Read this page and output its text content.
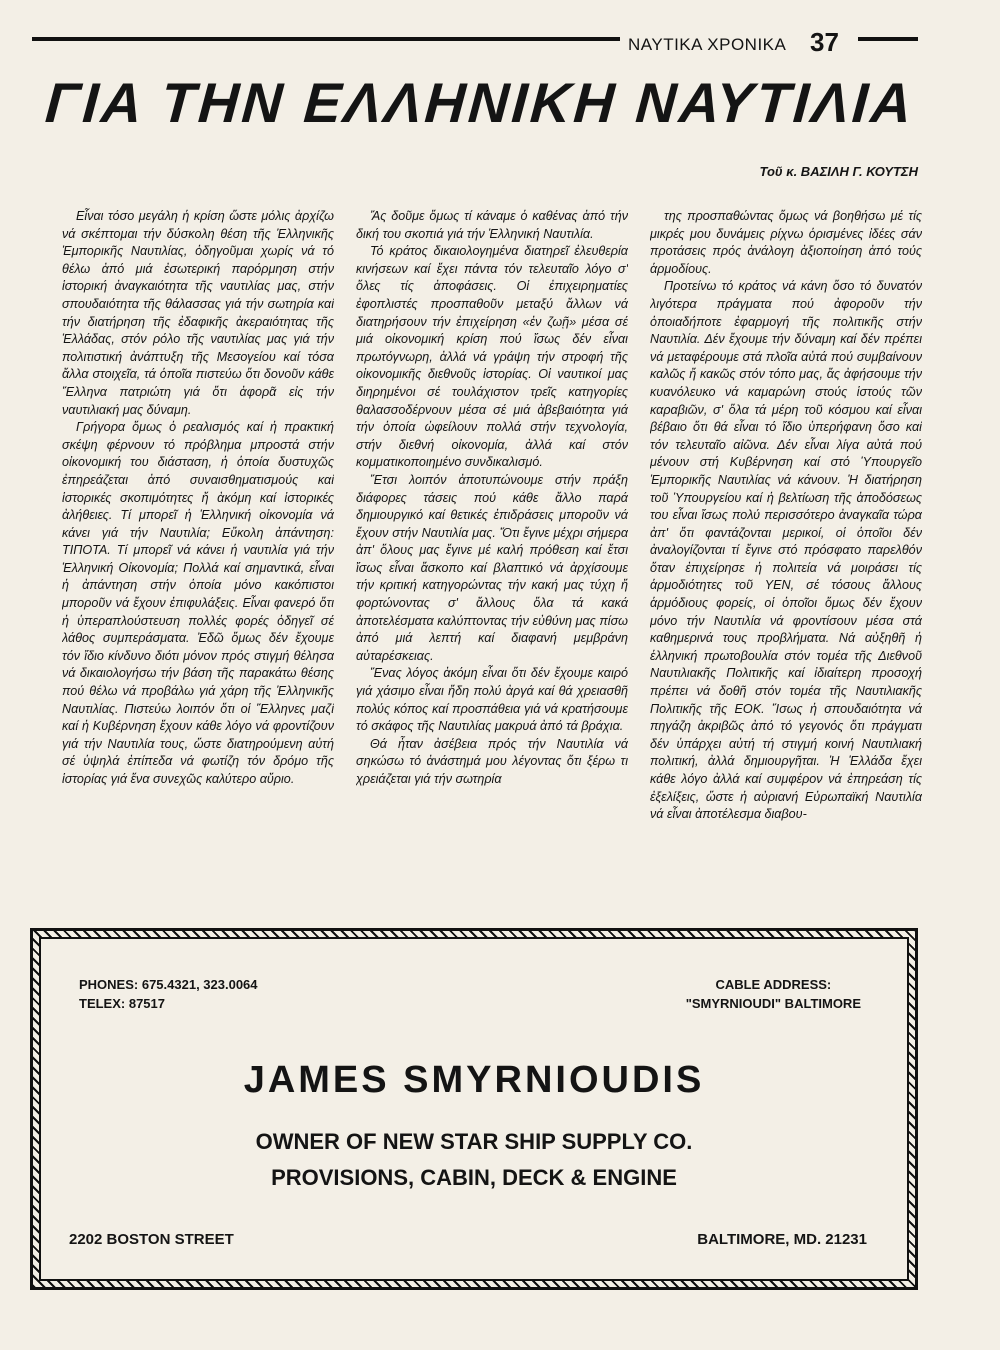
ΝΑΥΤΙΚΑ ΧΡΟΝΙΚΑ 37
ΓΙΑ ΤΗΝ ΕΛΛΗΝΙΚΗ ΝΑΥΤΙΛΙΑ
Τοῦ κ. ΒΑΣΙΛΗ Γ. ΚΟΥΤΣΗ

Εἶναι τόσο μεγάλη ἡ κρίση ὥστε μόλις ἀρχίζω νά σκέπτομαι τήν δύσκολη θέση τῆς Ἑλληνικῆς Ἐμπορικῆς Ναυτιλίας, ὁδηγοῦμαι χωρίς νά τό θέλω ἀπό μιά ἐσωτερική παρόρμηση στήν ἱστορική ἀναγκαιότητα τῆς ναυτιλίας μας, στήν σπουδαιότητα τῆς θάλασσας γιά τήν σωτηρία καί τήν διατήρηση τῆς ἐδαφικῆς ἀκεραιότητας τῆς Ἑλλάδας, στόν ρόλο τῆς ναυτιλίας μας γιά τήν πολιτιστική ἀνάπτυξη τῆς Μεσογείου καί τόσα ἄλλα στοιχεῖα, τά ὁποῖα πιστεύω ὅτι δονοῦν κάθε Ἕλληνα πατριώτη γιά ὅτι ἀφορᾶ εἰς τήν ναυτιλιακή μας δύναμη.

Γρήγορα ὅμως ὁ ρεαλισμός καί ἡ πρακτική σκέψη φέρνουν τό πρόβλημα μπροστά στήν οἰκονομική του διάσταση, ἡ ὁποία δυστυχῶς ἐπηρεάζεται ἀπό συναισθηματισμούς καί ἱστορικές σκοπιμότητες ἤ ἀκόμη καί ἱστορικές ἀλήθειες. Τί μπορεῖ ἡ Ἑλληνική οἰκονομία νά κάνει γιά τήν Ναυτιλία; Εὔκολη ἀπάντηση: ΤΙΠΟΤΑ. Τί μπορεῖ νά κάνει ἡ ναυτιλία γιά τήν Ἑλληνική Οἰκονομία; Πολλά καί σημαντικά, εἶναι ἡ ἀπάντηση στήν ὁποία μόνο κακόπιστοι μποροῦν νά ἔχουν ἐπιφυλάξεις. Εἶναι φανερό ὅτι ἡ ὑπεραπλούστευση πολλές φορές ὁδηγεῖ σέ λάθος συμπεράσματα. Ἐδῶ ὅμως δέν ἔχουμε τόν ἴδιο κίνδυνο διότι μόνον πρός στιγμή θέλησα νά δικαιολογήσω τήν βάση τῆς παρακάτω θέσης πού θέλω νά προβάλω γιά χάρη τῆς Ἑλληνικῆς Ναυτιλίας. Πιστεύω λοιπόν ὅτι οἱ Ἕλληνες μαζί καί ἡ Κυβέρνηση ἔχουν κάθε λόγο νά φροντίζουν γιά τήν Ναυτιλία τους, ὥστε διατηρούμενη αὐτή σέ ὑψηλά ἐπίπεδα νά φωτίζη τόν δρόμο τῆς ἱστορίας γιά ἕνα συνεχῶς καλύτερο αὔριο.

Ἄς δοῦμε ὅμως τί κάναμε ὁ καθένας ἀπό τήν δική του σκοπιά γιά τήν Ἑλληνική Ναυτιλία.

Τό κράτος δικαιολογημένα διατηρεῖ ἐλευθερία κινήσεων καί ἔχει πάντα τόν τελευταῖο λόγο σ' ὅλες τίς ἀποφάσεις. Οἱ ἐπιχειρηματίες ἐφοπλιστές προσπαθοῦν μεταξύ ἄλλων νά διατηρήσουν τήν ἐπιχείρηση «ἐν ζωῇ» μέσα σέ μιά οἰκονομική κρίση πού ἴσως δέν εἶναι πρωτόγνωρη, ἀλλά νά γράψη τήν στροφή τῆς οἰκονομικῆς διεθνοῦς ἱστορίας. Οἱ ναυτικοί μας διηρημένοι σέ τουλάχιστον τρεῖς κατηγορίες θαλασσοδέρνουν μέσα σέ μιά ἀβεβαιότητα γιά τήν ὁποία ὠφείλουν πολλά στήν τεχνολογία, στήν διεθνή οἰκονομία, ἀλλά καί στόν κομματικοποιημένο συνδικαλισμό.

Ἔτσι λοιπόν ἀποτυπώνουμε στήν πράξη διάφορες τάσεις πού κάθε ἄλλο παρά δημιουργικό καί θετικές ἐπιδράσεις μποροῦν νά ἔχουν στήν Ναυτιλία μας. Ὅτι ἔγινε μέχρι σήμερα ἀπ' ὅλους μας ἔγινε μέ καλή πρόθεση καί ἔτσι ἴσως εἶναι ἄσκοπο καί βλαπτικό νά ἀρχίσουμε τήν κριτική κατηγορώντας τήν κακή μας τύχη ἤ φορτώνοντας σ' ἄλλους ὅλα τά κακά ἀποτελέσματα καλύπτοντας τήν εὐθύνη μας πίσω ἀπό μιά λεπτή καί διαφανή μεμβράνη αὐταρέσκειας.

Ἕνας λόγος ἀκόμη εἶναι ὅτι δέν ἔχουμε καιρό γιά χάσιμο εἶναι ἤδη πολύ ἀργά καί θά χρειασθῆ πολύς κόπος καί προσπάθεια γιά νά κρατήσουμε τό σκάφος τῆς Ναυτιλίας μακρυά ἀπό τά βράχια.

Θά ἦταν ἀσέβεια πρός τήν Ναυτιλία νά σηκώσω τό ἀνάστημά μου λέγοντας ὅτι ξέρω τι χρειάζεται γιά τήν σωτηρία

της προσπαθώντας ὅμως νά βοηθήσω μέ τίς μικρές μου δυνάμεις ρίχνω ὁρισμένες ἰδέες σάν προτάσεις πρός ἀνάλογη ἀξιοποίηση ἀπό τούς ἁρμοδίους.

Προτείνω τό κράτος νά κάνη ὅσο τό δυνατόν λιγότερα πράγματα πού ἀφοροῦν τήν ὁποιαδήποτε ἐφαρμογή τῆς πολιτικῆς στήν Ναυτιλία. Δέν ἔχουμε τήν δύναμη καί δέν πρέπει νά μεταφέρουμε στά πλοῖα αὐτά πού συμβαίνουν καλῶς ἤ κακῶς στόν τόπο μας, ἄς ἀφήσουμε τήν κυανόλευκο νά καμαρώνη στούς ἱστούς τῶν καραβιῶν, σ' ὅλα τά μέρη τοῦ κόσμου καί εἶναι βέβαιο ὅτι θά εἶναι τό ἴδιο ὑπερήφανη ὅσο καί τόν τελευταῖο αἰῶνα. Δέν εἶναι λίγα αὐτά πού μένουν στή Κυβέρνηση καί στό Ὑπουργεῖο Ἐμπορικῆς Ναυτιλίας νά κάνουν. Ἡ διατήρηση τοῦ Ὑπουργείου καί ἡ βελτίωση τῆς ἀποδόσεως του εἶναι ἴσως πολύ περισσότερο ἀναγκαῖα τώρα ἀπ' ὅτι φαντάζονται μερικοί, οἱ ὁποῖοι δέν ἀναλογίζονται τί ἔγινε στό πρόσφατο παρελθόν ὅταν ἐπιχείρησε ἡ πολιτεία νά μοιράσει τίς ἁρμοδιότητες τοῦ ΥΕΝ, σέ τόσους ἄλλους ἁρμόδιους φορείς, οἱ ὁποῖοι ὅμως δέν ἔχουν μόνο τήν Ναυτιλία νά φροντίσουν μέσα στά καθημερινά τους προβλήματα. Νά αὐξηθῆ ἡ ἑλληνική πρωτοβουλία στόν τομέα τῆς Διεθνοῦ Ναυτιλιακῆς Πολιτικῆς καί ἰδιαίτερη προσοχή πρέπει νά δοθῆ στόν τομέα τῆς Ναυτιλιακῆς Πολιτικῆς τῆς ΕΟΚ. Ἴσως ἡ σπουδαιότητα νά πηγάζη ἀκριβῶς ἀπό τό γεγονός ὅτι πράγματι δέν ὑπάρχει αὐτή τή στιγμή κοινή Ναυτιλιακή πολιτική, ἀλλά δημιουργῆται. Ἡ Ἑλλάδα ἔχει κάθε λόγο ἀλλά καί συμφέρον νά ἐπηρεάση τίς ἐξελίξεις, ὥστε ἡ αὐριανή Εὐρωπαϊκή Ναυτιλία νά εἶναι ἀποτέλεσμα διαβου-

PHONES: 675.4321, 323.0064
TELEX: 87517
CABLE ADDRESS:
"SMYRNIOUDI" BALTIMORE
JAMES SMYRNIOUDIS
OWNER OF NEW STAR SHIP SUPPLY CO.
PROVISIONS, CABIN, DECK & ENGINE
2202 BOSTON STREET	BALTIMORE, MD. 21231
